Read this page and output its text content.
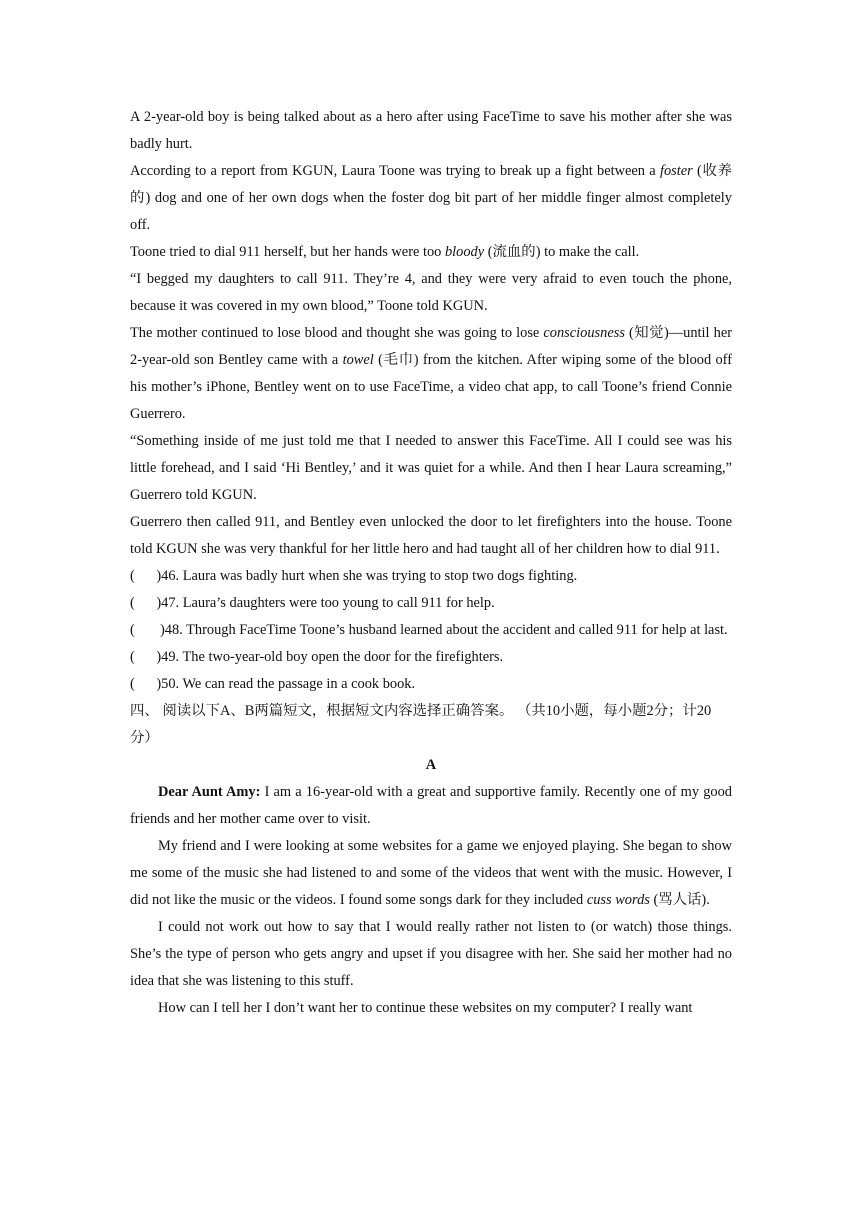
A 2-year-old boy is being talked about as a hero after using FaceTime to save his mother after she was badly hurt.

According to a report from KGUN, Laura Toone was trying to break up a fight between a foster (收养的) dog and one of her own dogs when the foster dog bit part of her middle finger almost completely off.

Toone tried to dial 911 herself, but her hands were too bloody (流血的) to make the call.

“I begged my daughters to call 911. They’re 4, and they were very afraid to even touch the phone, because it was covered in my own blood,” Toone told KGUN.

The mother continued to lose blood and thought she was going to lose consciousness (知觉)—until her 2-year-old son Bentley came with a towel (毛巾) from the kitchen. After wiping some of the blood off his mother’s iPhone, Bentley went on to use FaceTime, a video chat app, to call Toone’s friend Connie Guerrero.

“Something inside of me just told me that I needed to answer this FaceTime. All I could see was his little forehead, and I said ‘Hi Bentley,’ and it was quiet for a while. And then I hear Laura screaming,” Guerrero told KGUN.

Guerrero then called 911, and Bentley even unlocked the door to let firefighters into the house. Toone told KGUN she was very thankful for her little hero and had taught all of her children how to dial 911.

(      )46. Laura was badly hurt when she was trying to stop two dogs fighting.

(      )47. Laura’s daughters were too young to call 911 for help.

(       )48. Through FaceTime Toone’s husband learned about the accident and called 911 for help at last.

(      )49. The two-year-old boy open the door for the firefighters.

(      )50. We can read the passage in a cook book.

四、 阅读以下A、B两篇短文，根据短文内容选择正确答案。 （共10小题，每小题2分；计20分）

A

Dear Aunt Amy: I am a 16-year-old with a great and supportive family. Recently one of my good friends and her mother came over to visit.

My friend and I were looking at some websites for a game we enjoyed playing. She began to show me some of the music she had listened to and some of the videos that went with the music. However, I did not like the music or the videos. I found some songs dark for they included cuss words (骂人话).

I could not work out how to say that I would really rather not listen to (or watch) those things. She’s the type of person who gets angry and upset if you disagree with her. She said her mother had no idea that she was listening to this stuff.

How can I tell her I don’t want her to continue these websites on my computer? I really want
